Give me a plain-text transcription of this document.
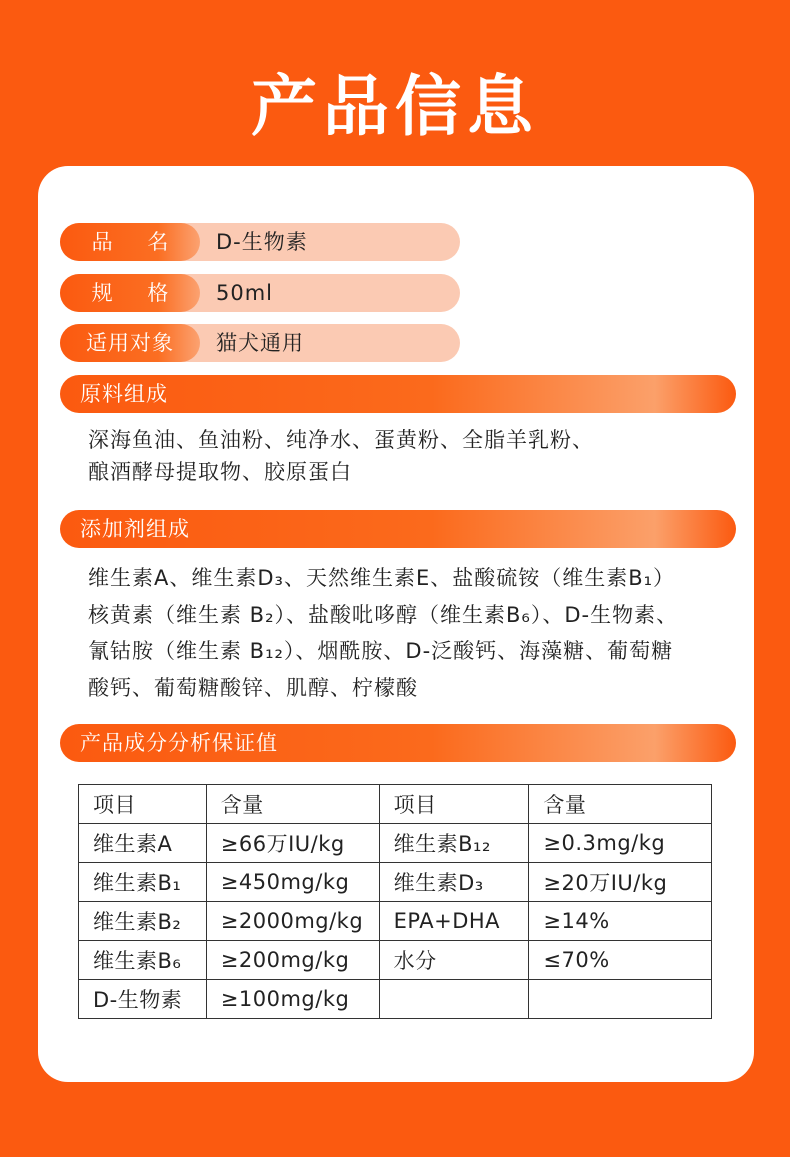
产品信息
品 名	D-生物素
规 格	50ml
适用对象	猫犬通用
原料组成
深海鱼油、鱼油粉、纯净水、蛋黄粉、全脂羊乳粉、
酿酒酵母提取物、胶原蛋白
添加剂组成
维生素A、维生素D₃、天然维生素E、盐酸硫铵（维生素B₁）
核黄素（维生素 B₂）、盐酸吡哆醇（维生素B₆）、D-生物素、
氰钴胺（维生素 B₁₂）、烟酰胺、D-泛酸钙、海藻糖、葡萄糖
酸钙、葡萄糖酸锌、肌醇、柠檬酸
产品成分分析保证值
项目	含量	项目	含量
维生素A	≥66万IU/kg	维生素B₁₂	≥0.3mg/kg
维生素B₁	≥450mg/kg	维生素D₃	≥20万IU/kg
维生素B₂	≥2000mg/kg	EPA+DHA	≥14%
维生素B₆	≥200mg/kg	水分	≤70%
D-生物素	≥100mg/kg		
